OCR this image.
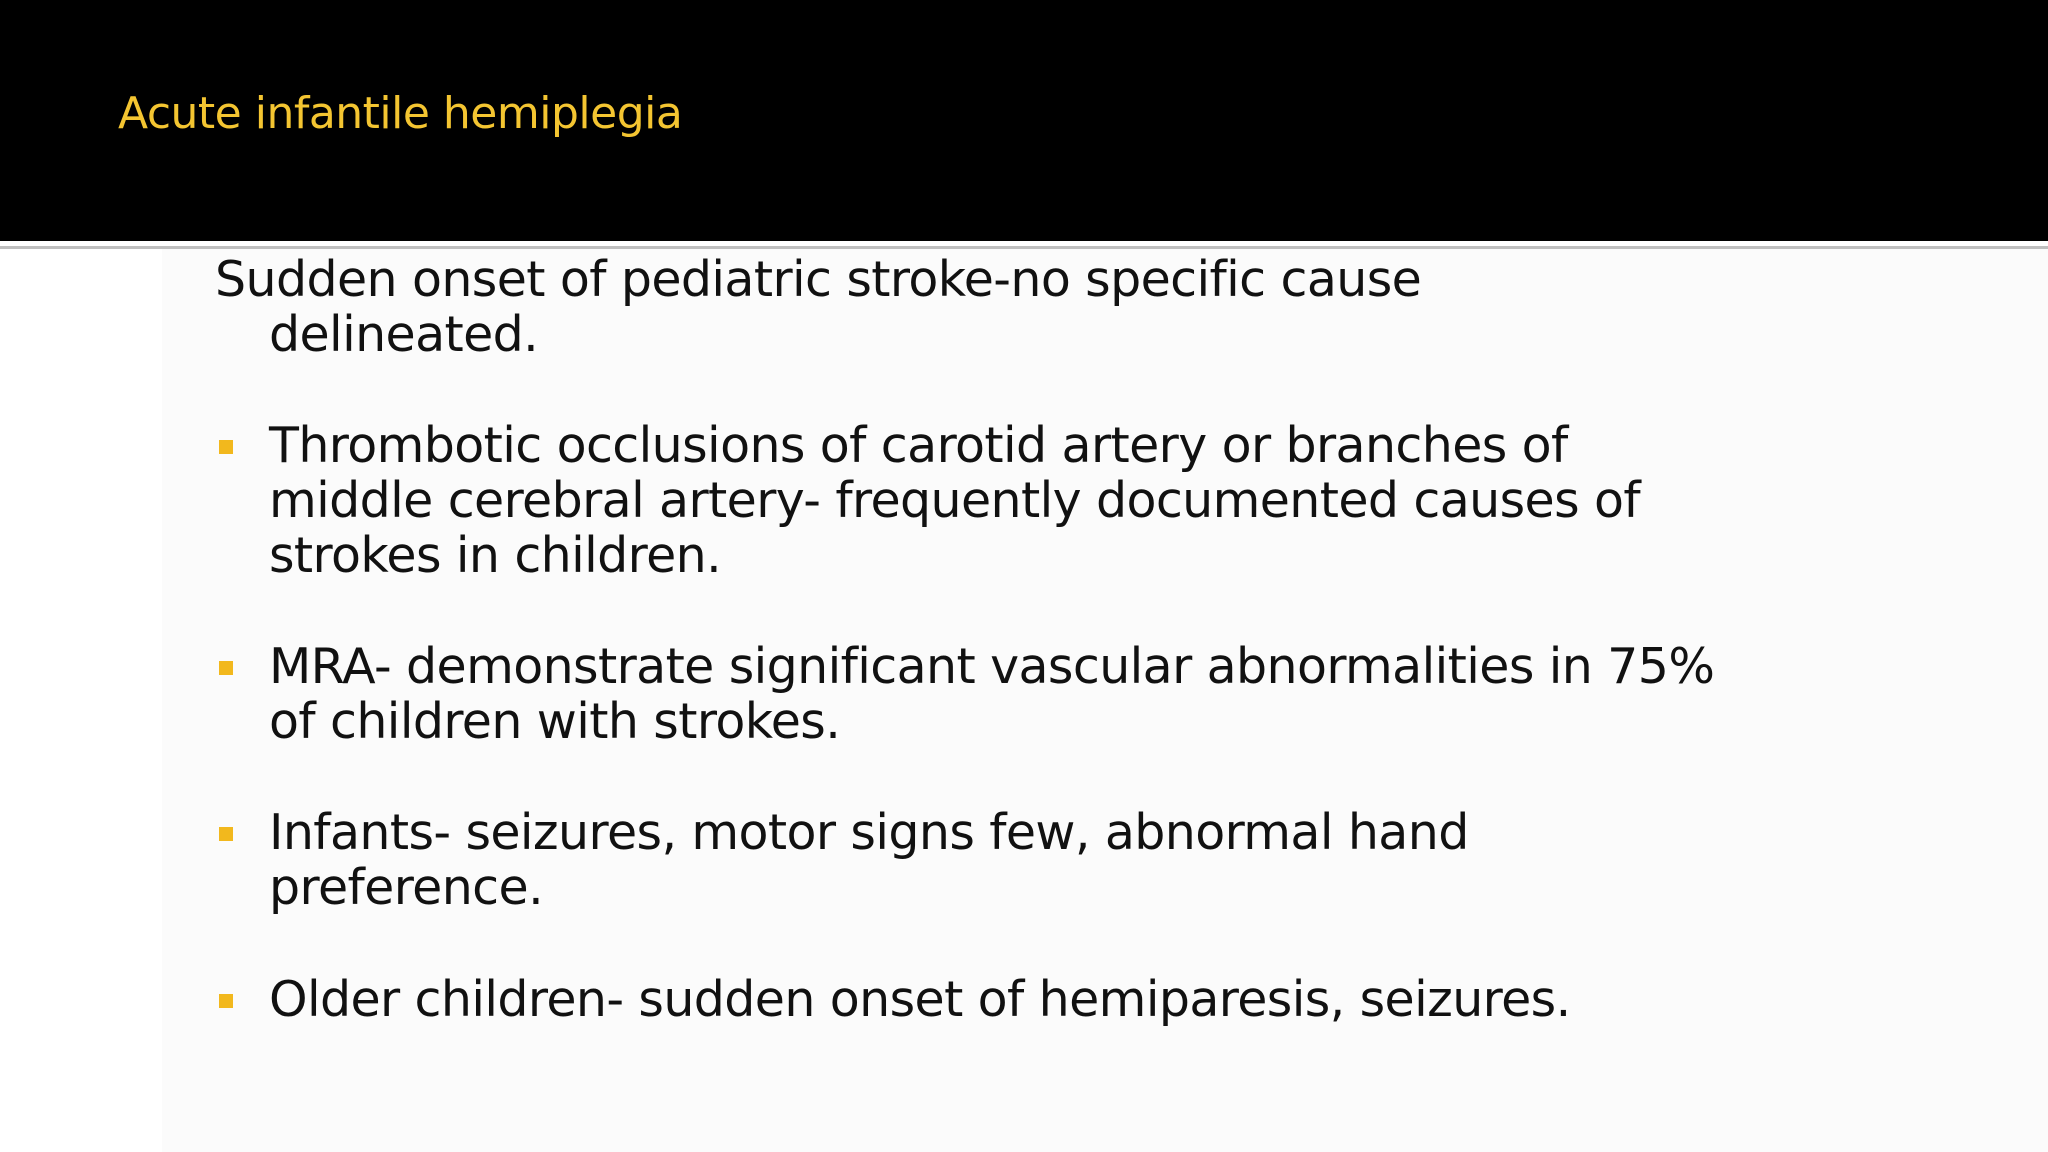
Acute infantile hemiplegia
Sudden onset of pediatric stroke-no specific cause
delineated.
Thrombotic occlusions of carotid artery or branches of middle cerebral artery- frequently documented causes of strokes in children.
MRA- demonstrate significant vascular abnormalities in 75% of children with strokes.
Infants- seizures, motor signs few, abnormal hand preference.
Older children- sudden onset of hemiparesis, seizures.
